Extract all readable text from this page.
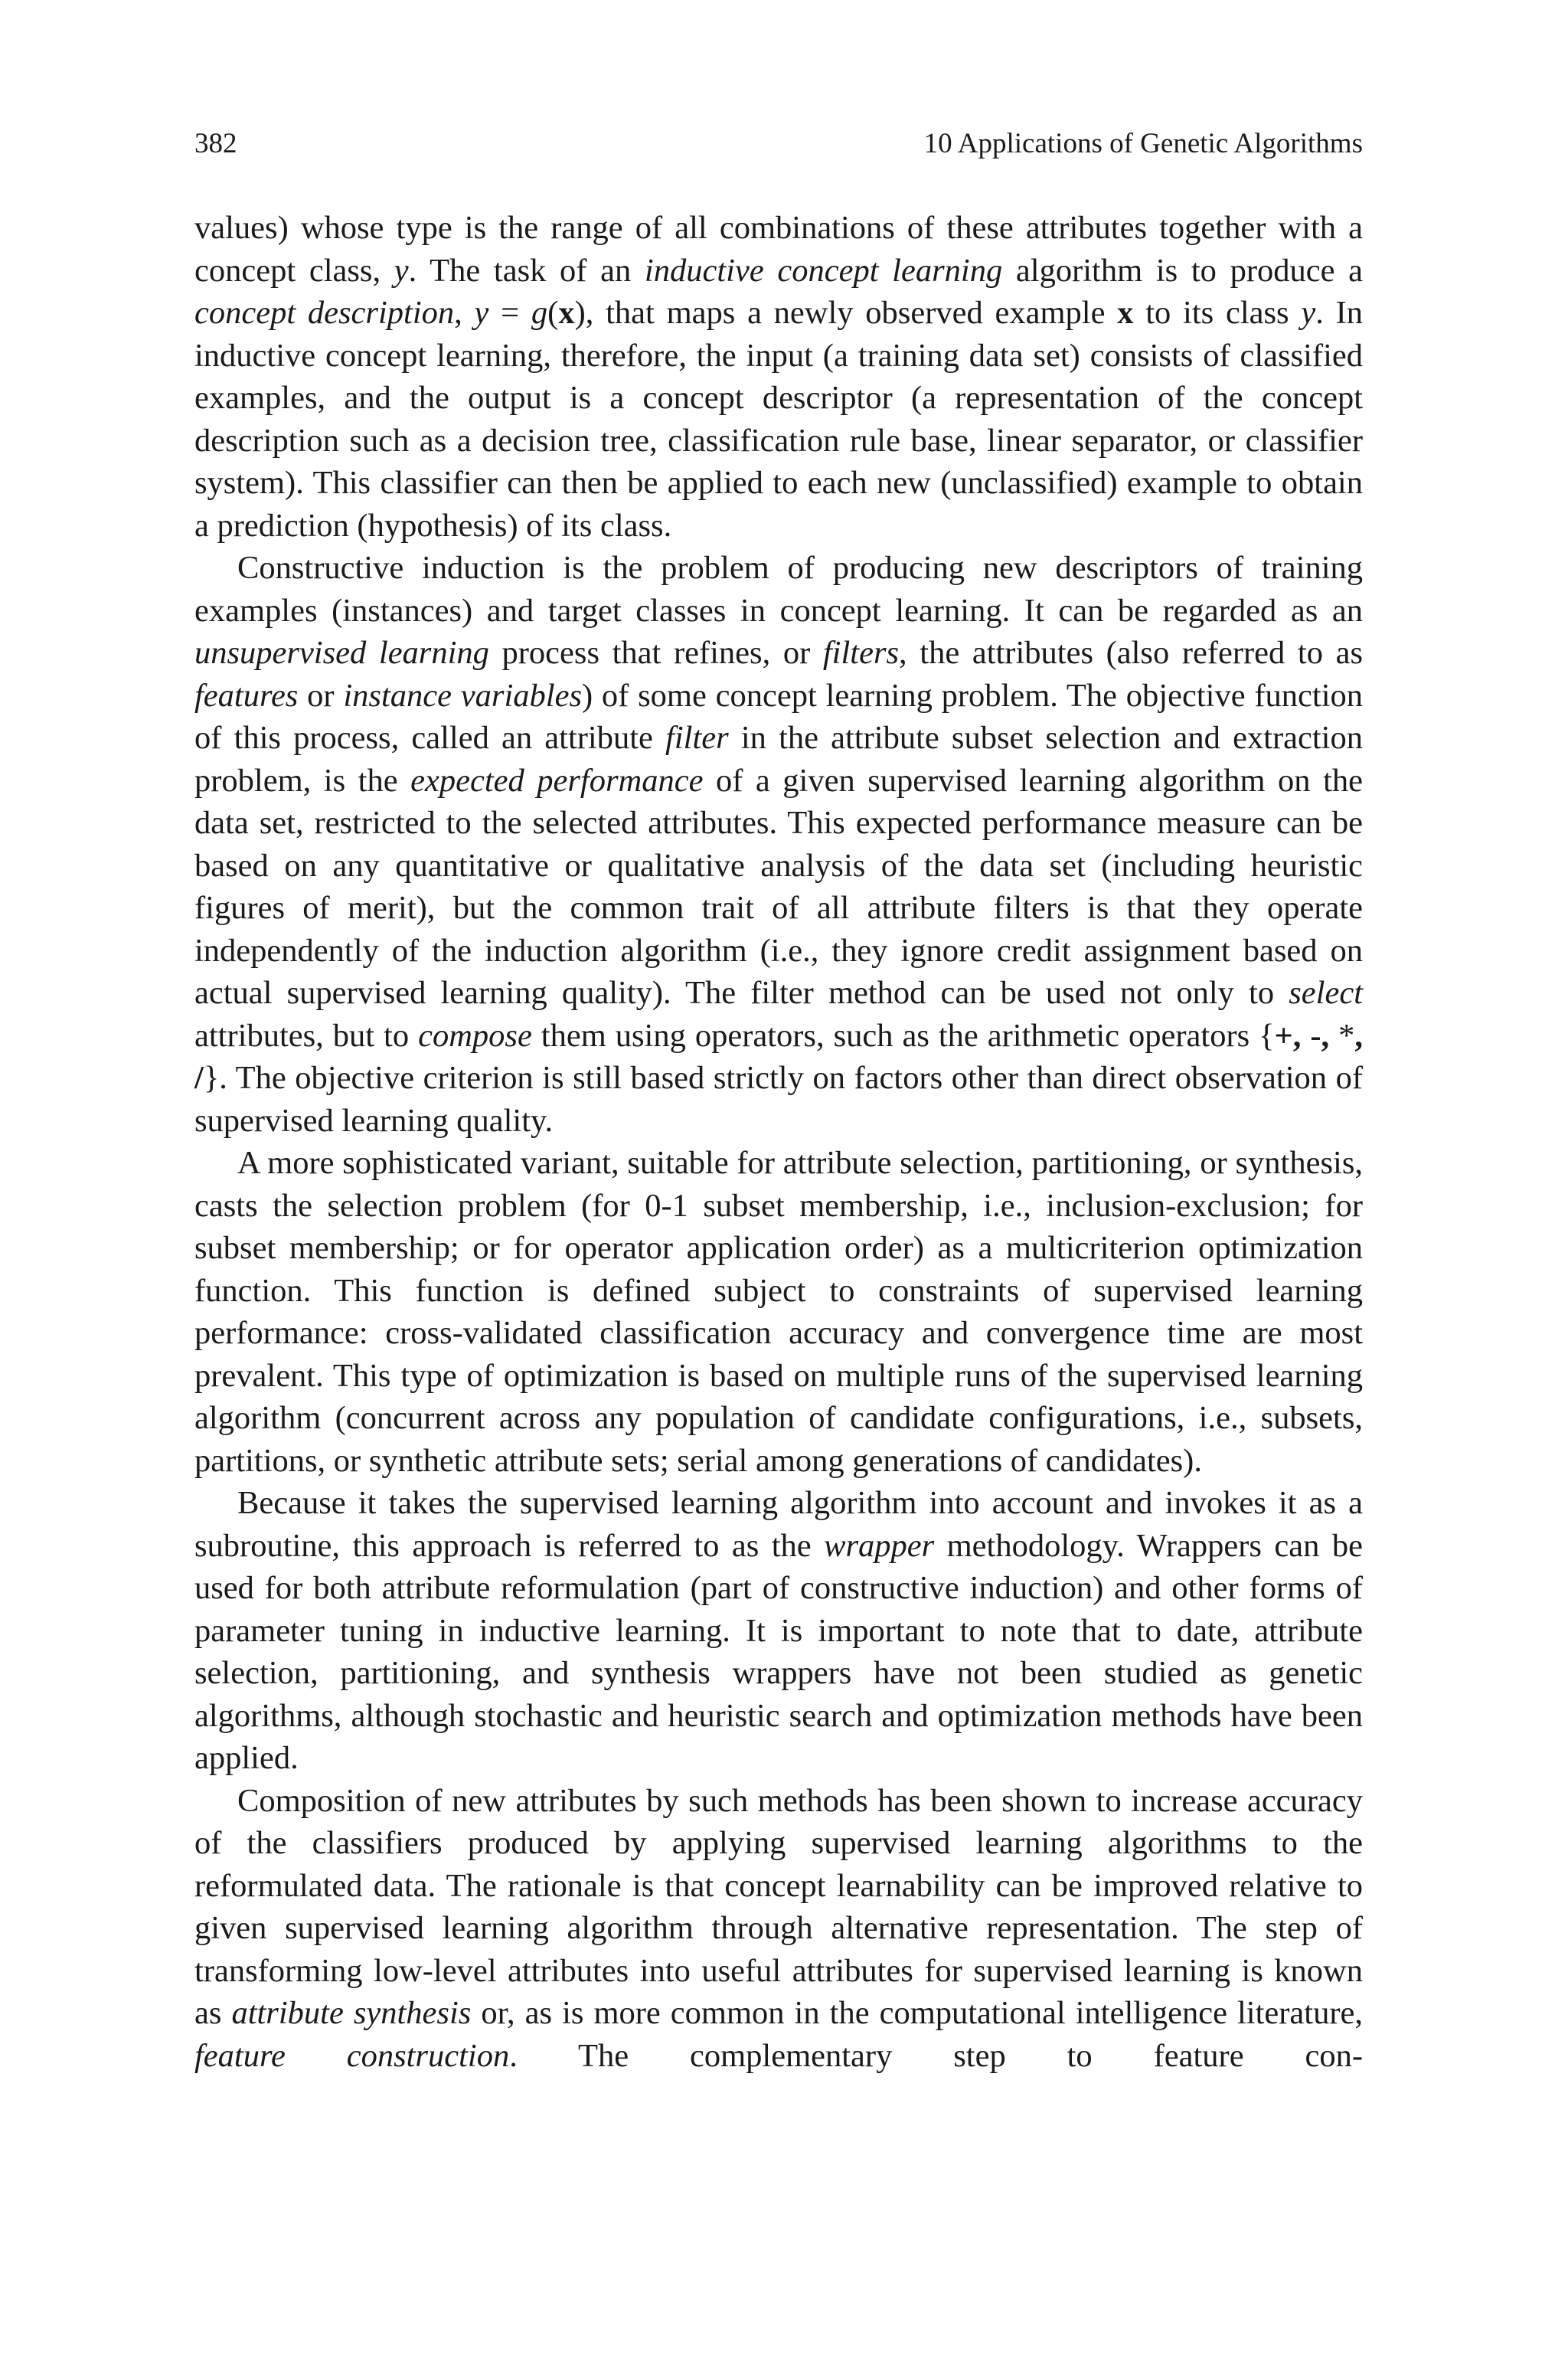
382	10 Applications of Genetic Algorithms

values) whose type is the range of all combinations of these attributes together with a concept class, y. The task of an inductive concept learning algorithm is to produce a concept description, y = g(x), that maps a newly observed example x to its class y. In inductive concept learning, therefore, the input (a training data set) consists of classified examples, and the output is a concept descriptor (a representation of the concept description such as a decision tree, classification rule base, linear separator, or classifier system). This classifier can then be applied to each new (unclassified) example to obtain a prediction (hypothesis) of its class.

Constructive induction is the problem of producing new descriptors of training examples (instances) and target classes in concept learning. It can be regarded as an unsupervised learning process that refines, or filters, the attributes (also referred to as features or instance variables) of some concept learning problem. The objective function of this process, called an attribute filter in the attribute subset selection and extraction problem, is the expected performance of a given supervised learning algorithm on the data set, restricted to the selected attributes. This expected performance measure can be based on any quantitative or qualitative analysis of the data set (including heuristic figures of merit), but the common trait of all attribute filters is that they operate independently of the induction algorithm (i.e., they ignore credit assignment based on actual supervised learning quality). The filter method can be used not only to select attributes, but to compose them using operators, such as the arithmetic operators {+, -, *, /}. The objective criterion is still based strictly on factors other than direct observation of supervised learning quality.

A more sophisticated variant, suitable for attribute selection, partitioning, or synthesis, casts the selection problem (for 0-1 subset membership, i.e., inclusion-exclusion; for subset membership; or for operator application order) as a multicriterion optimization function. This function is defined subject to constraints of supervised learning performance: cross-validated classification accuracy and convergence time are most prevalent. This type of optimization is based on multiple runs of the supervised learning algorithm (concurrent across any population of candidate configurations, i.e., subsets, partitions, or synthetic attribute sets; serial among generations of candidates).

Because it takes the supervised learning algorithm into account and invokes it as a subroutine, this approach is referred to as the wrapper methodology. Wrappers can be used for both attribute reformulation (part of constructive induction) and other forms of parameter tuning in inductive learning. It is important to note that to date, attribute selection, partitioning, and synthesis wrappers have not been studied as genetic algorithms, although stochastic and heuristic search and optimization methods have been applied.

Composition of new attributes by such methods has been shown to increase accuracy of the classifiers produced by applying supervised learning algorithms to the reformulated data. The rationale is that concept learnability can be improved relative to given supervised learning algorithm through alternative representation. The step of transforming low-level attributes into useful attributes for supervised learning is known as attribute synthesis or, as is more common in the computational intelligence literature, feature construction. The complementary step to feature con-
